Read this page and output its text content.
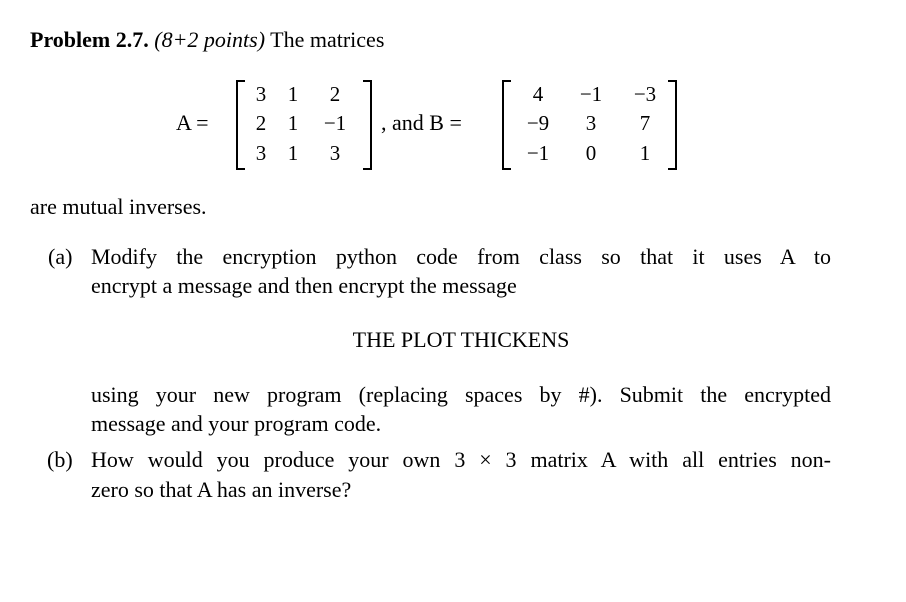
Problem 2.7. (8+2 points) The matrices
A =
3	1	2
2	1	−1
3	1	3
, and B =
4	−1	−3
−9	3	7
−1	0	1
are mutual inverses.
(a) Modify the encryption python code from class so that it uses A to
encrypt a message and then encrypt the message
THE PLOT THICKENS
using your new program (replacing spaces by #). Submit the encrypted
message and your program code.
(b) How would you produce your own 3 × 3 matrix A with all entries non-
zero so that A has an inverse?
